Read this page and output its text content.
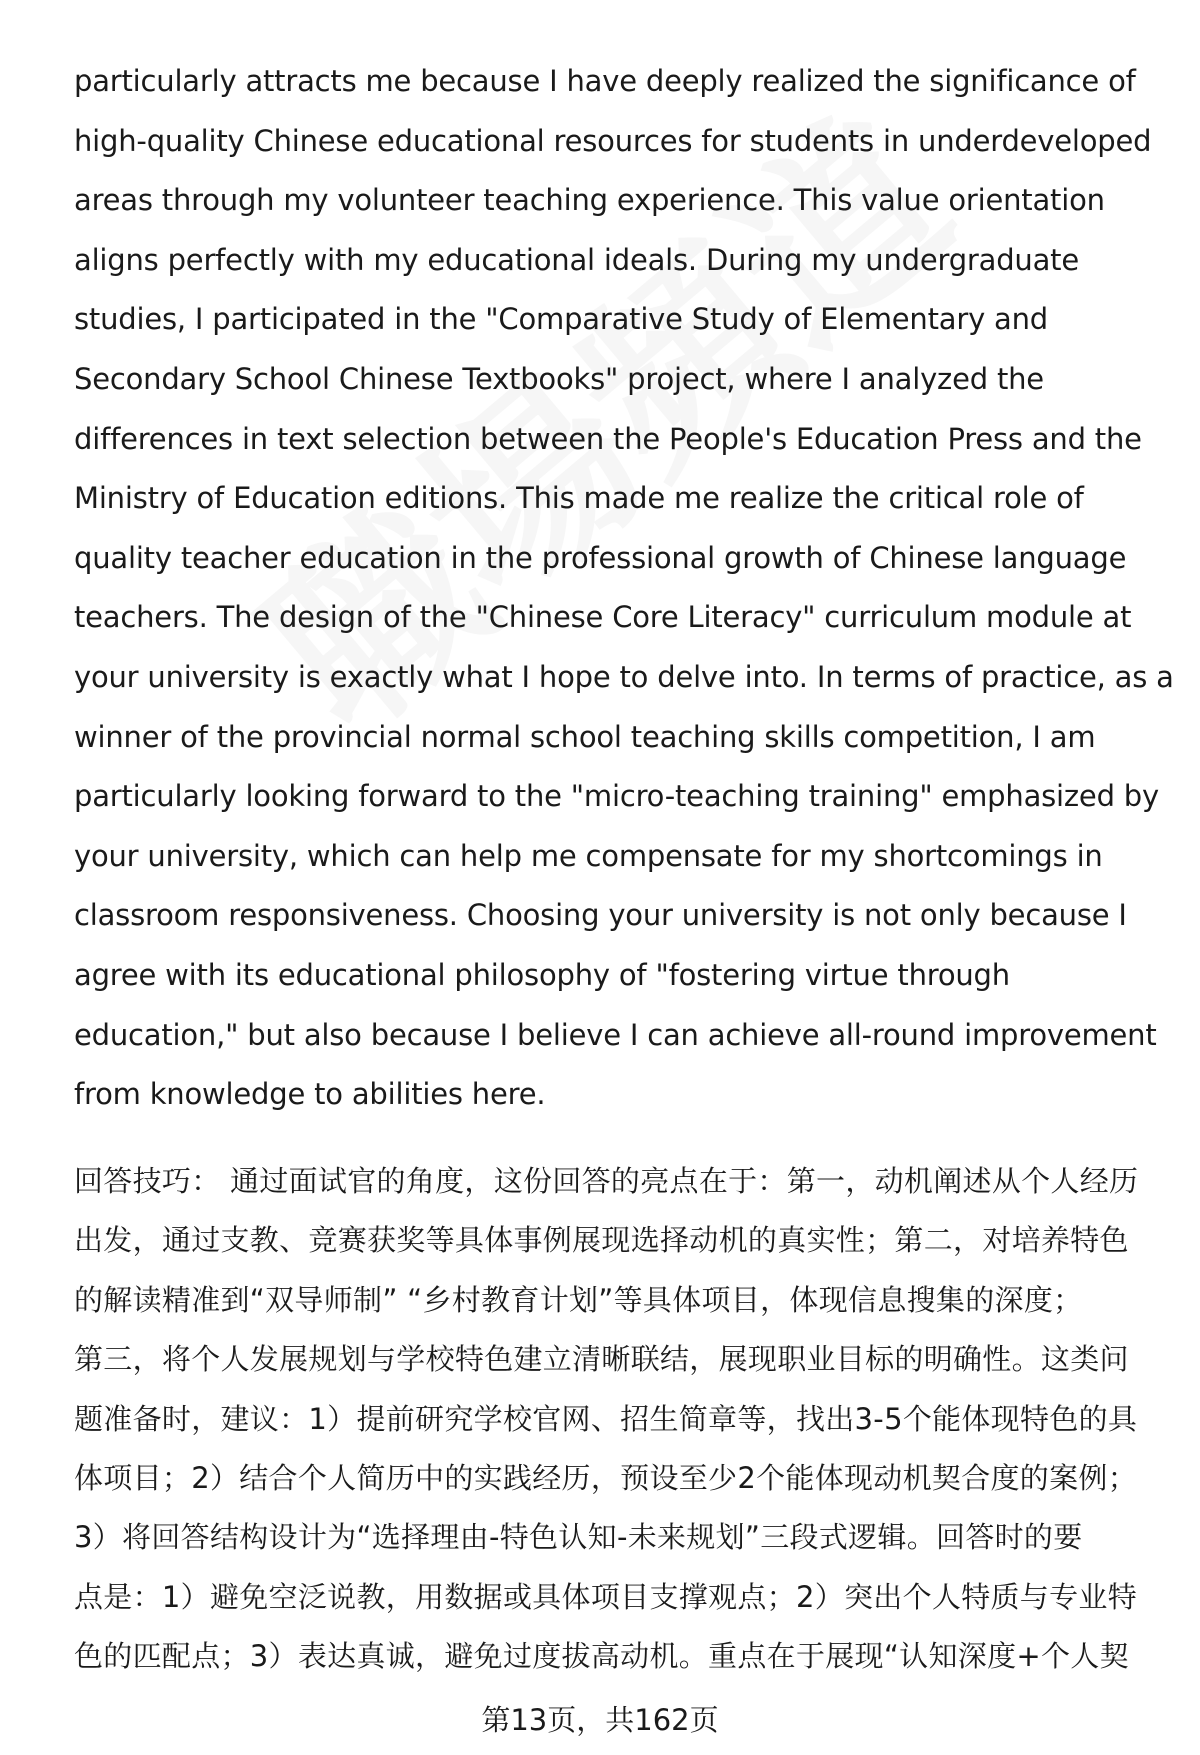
particularly attracts me because I have deeply realized the significance of
high-quality Chinese educational resources for students in underdeveloped
areas through my volunteer teaching experience. This value orientation
aligns perfectly with my educational ideals. During my undergraduate
studies, I participated in the "Comparative Study of Elementary and
Secondary School Chinese Textbooks" project, where I analyzed the
differences in text selection between the People's Education Press and the
Ministry of Education editions. This made me realize the critical role of
quality teacher education in the professional growth of Chinese language
teachers. The design of the "Chinese Core Literacy" curriculum module at
your university is exactly what I hope to delve into. In terms of practice, as a
winner of the provincial normal school teaching skills competition, I am
particularly looking forward to the "micro-teaching training" emphasized by
your university, which can help me compensate for my shortcomings in
classroom responsiveness. Choosing your university is not only because I
agree with its educational philosophy of "fostering virtue through
education," but also because I believe I can achieve all-round improvement
from knowledge to abilities here.
回答技巧： 通过面试官的角度，这份回答的亮点在于：第一，动机阐述从个人经历
出发，通过支教、竞赛获奖等具体事例展现选择动机的真实性；第二，对培养特色
的解读精准到“双导师制” “乡村教育计划”等具体项目，体现信息搜集的深度；
第三，将个人发展规划与学校特色建立清晰联结，展现职业目标的明确性。这类问
题准备时，建议：1）提前研究学校官网、招生简章等，找出3-5个能体现特色的具
体项目；2）结合个人简历中的实践经历，预设至少2个能体现动机契合度的案例；
3）将回答结构设计为“选择理由-特色认知-未来规划”三段式逻辑。回答时的要
点是：1）避免空泛说教，用数据或具体项目支撑观点；2）突出个人特质与专业特
色的匹配点；3）表达真诚，避免过度拔高动机。重点在于展现“认知深度+个人契
第13页，共162页
